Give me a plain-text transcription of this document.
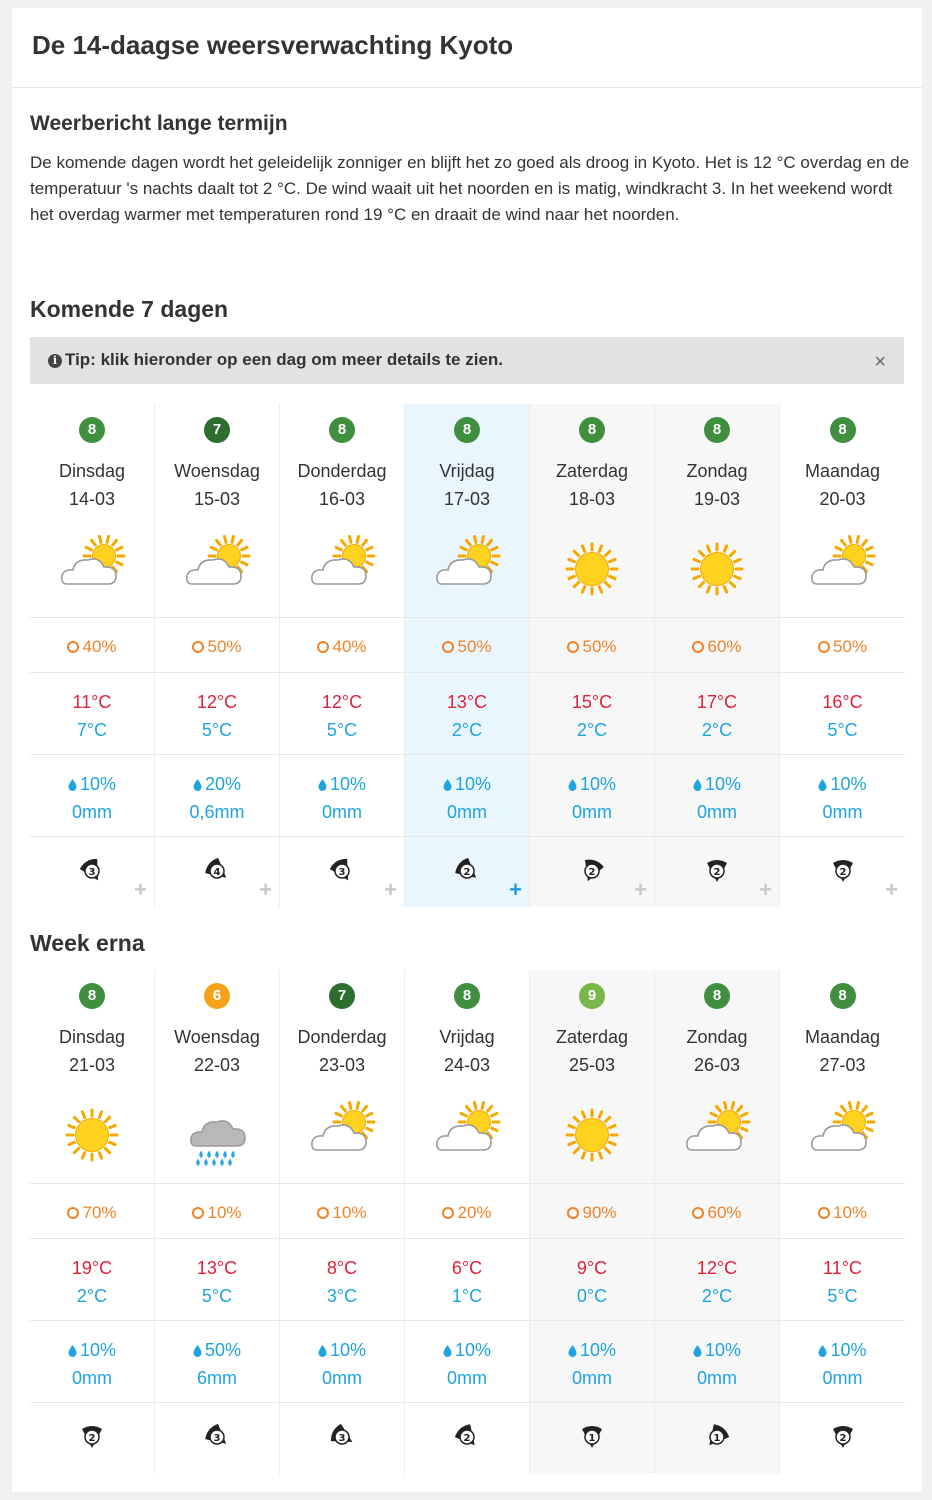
De 14-daagse weersverwachting Kyoto
Weerbericht lange termijn

De komende dagen wordt het geleidelijk zonniger en blijft het zo goed als droog in Kyoto. Het is 12 °C overdag en de temperatuur 's nachts daalt tot 2 °C. De wind waait uit het noorden en is matig, windkracht 3. In het weekend wordt het overdag warmer met temperaturen rond 19 °C en draait de wind naar het noorden.

Komende 7 dagen
i Tip: klik hieronder op een dag om meer details te zien.	×
8
Dinsdag
14-03
40%
11°C
7°C
10%
0mm
3
+
7
Woensdag
15-03
50%
12°C
5°C
20%
0,6mm
4
+
8
Donderdag
16-03
40%
12°C
5°C
10%
0mm
3
+
8
Vrijdag
17-03
50%
13°C
2°C
10%
0mm
2
+
8
Zaterdag
18-03
50%
15°C
2°C
10%
0mm
2
+
8
Zondag
19-03
60%
17°C
2°C
10%
0mm
2
+
8
Maandag
20-03
50%
16°C
5°C
10%
0mm
2
+
Week erna
8
Dinsdag
21-03
70%
19°C
2°C
10%
0mm
2
6
Woensdag
22-03
10%
13°C
5°C
50%
6mm
3
7
Donderdag
23-03
10%
8°C
3°C
10%
0mm
3
8
Vrijdag
24-03
20%
6°C
1°C
10%
0mm
2
9
Zaterdag
25-03
90%
9°C
0°C
10%
0mm
1
8
Zondag
26-03
60%
12°C
2°C
10%
0mm
1
8
Maandag
27-03
10%
11°C
5°C
10%
0mm
2
